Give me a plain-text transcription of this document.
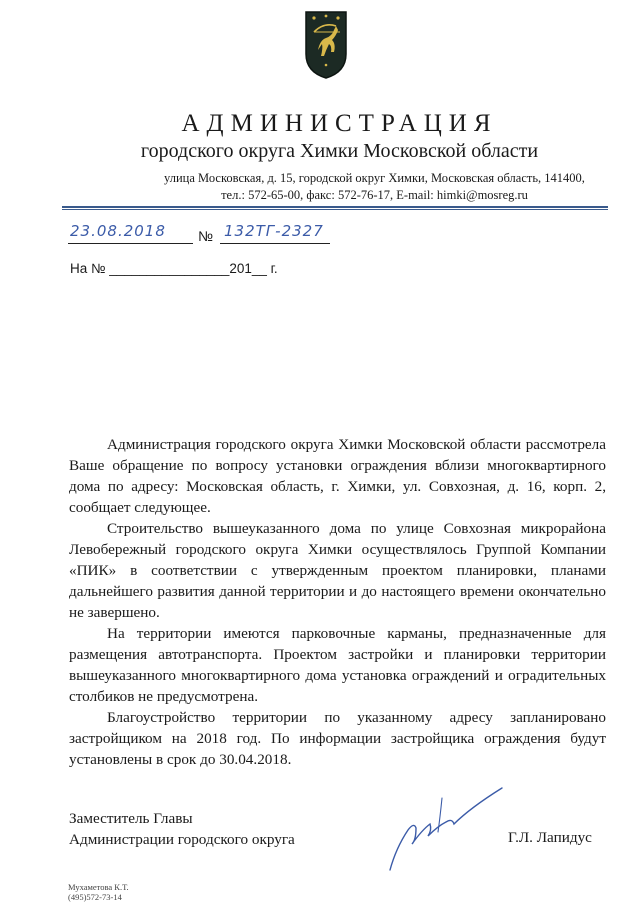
АДМИНИСТРАЦИЯ
городского округа Химки Московской области
улица Московская, д. 15, городской округ Химки, Московская область, 141400,
тел.: 572-65-00, факс: 572-76-17, E-mail: himki@mosreg.ru
23.08.2018	№ 132ТГ-2327
На № ________________201__ г.

Администрация городского округа Химки Московской области рассмотрела Ваше обращение по вопросу установки ограждения вблизи многоквартирного дома по адресу: Московская область, г. Химки, ул. Совхозная, д. 16, корп. 2, сообщает следующее.

Строительство вышеуказанного дома по улице Совхозная микрорайона Левобережный городского округа Химки осуществлялось Группой Компании «ПИК» в соответствии с утвержденным проектом планировки, планами дальнейшего развития данной территории и до настоящего времени окончательно не завершено.

На территории имеются парковочные карманы, предназначенные для размещения автотранспорта. Проектом застройки и планировки территории вышеуказанного многоквартирного дома установка ограждений и оградительных столбиков не предусмотрена.

Благоустройство территории по указанному адресу запланировано застройщиком на 2018 год. По информации застройщика ограждения будут установлены в срок до 30.04.2018.

Заместитель Главы
Администрации городского округа	Г.Л. Лапидус
Мухаметова К.Т.
(495)572-73-14
